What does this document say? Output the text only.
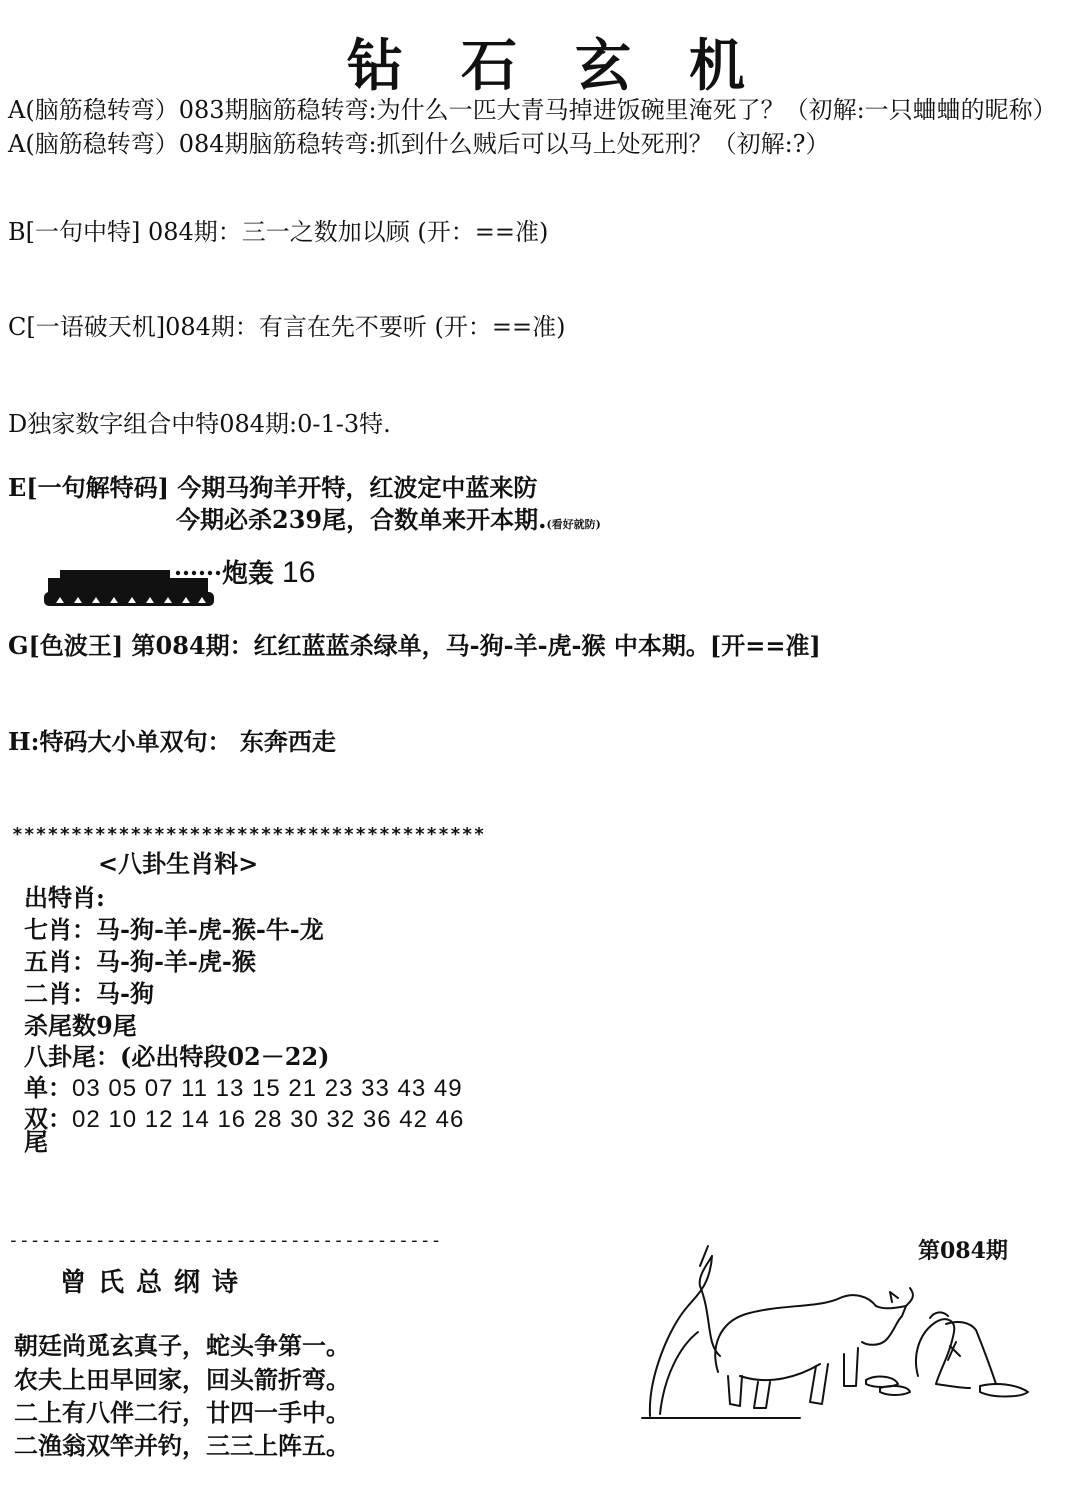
钻石玄机
A(脑筋稳转弯）083期脑筋稳转弯:为什么一匹大青马掉进饭碗里淹死了？（初解:一只蛐蛐的昵称）
A(脑筋稳转弯）084期脑筋稳转弯:抓到什么贼后可以马上处死刑？（初解:?）
B[一句中特] 084期：三一之数加以顾 (开：==准)
C[一语破天机]084期：有言在先不要听 (开：==准)
D独家数字组合中特084期:0-1-3特.
E[一句解特码] 今期马狗羊开特，红波定中蓝来防
今期必杀239尾，合数单来开本期.(看好就防)
炮轰 16
G[色波王] 第084期：红红蓝蓝杀绿单，马-狗-羊-虎-猴 中本期。[开==准]
H:特码大小单双句： 东奔西走
****************************************
<八卦生肖料>
出特肖:
七肖：马-狗-羊-虎-猴-牛-龙
五肖：马-狗-羊-虎-猴
二肖：马-狗
杀尾数9尾
八卦尾：(必出特段02－22)
单：03 05 07 11 13 15 21 23 33 43 49
双：02 10 12 14 16 28 30 32 36 42 46
尾
----------------------------------------
曾氏总纲诗
朝廷尚觅玄真子，蛇头争第一。
农夫上田早回家，回头箭折弯。
二上有八伴二行，廿四一手中。
二渔翁双竿并钓，三三上阵五。
第084期
